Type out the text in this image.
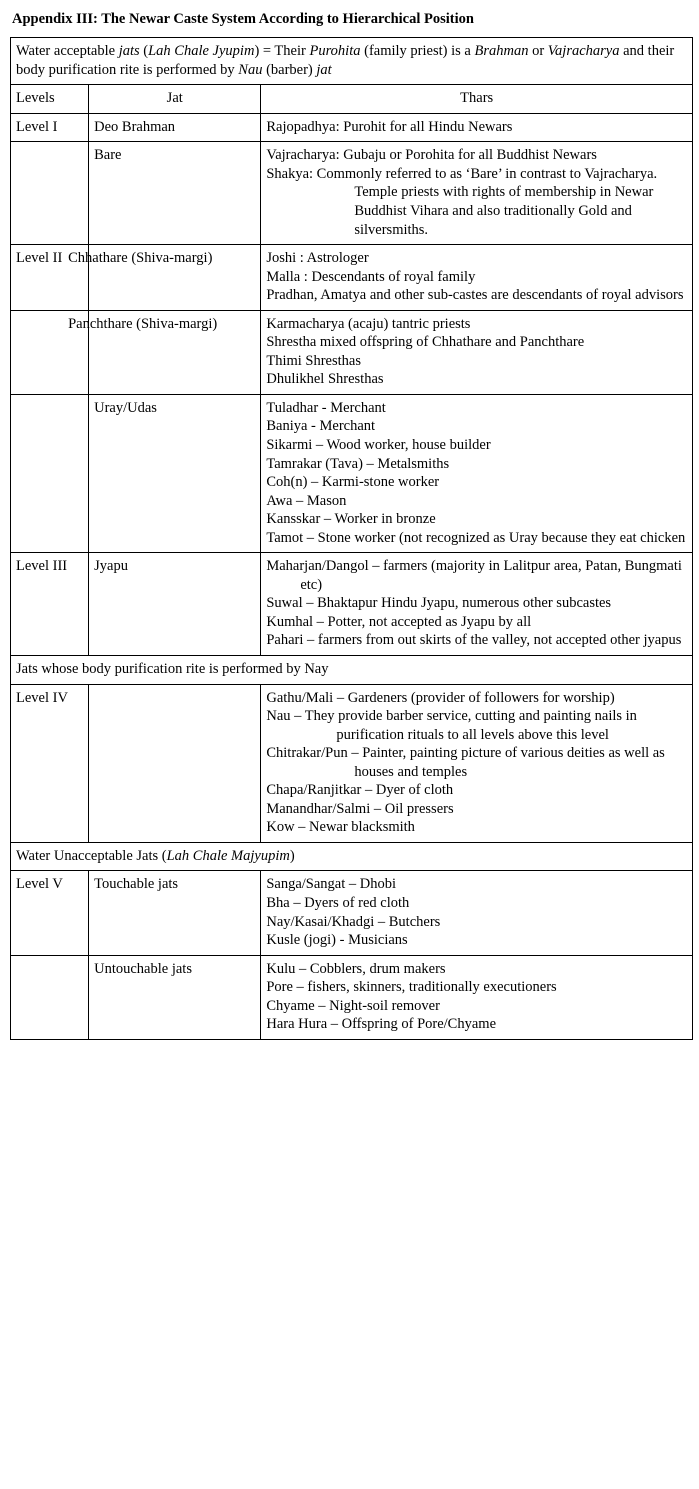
Appendix III: The Newar Caste System According to Hierarchical Position
Water acceptable jats (Lah Chale Jyupim) = Their Purohita (family priest) is a Brahman or Vajracharya and their body purification rite is performed by Nau (barber) jat		
Levels	Jat	Thars
Level I	Deo Brahman	Rajopadhya: Purohit for all Hindu Newars

	Bare	Vajracharya: Gubaju or Porohita for all Buddhist Newars
Shakya: Commonly referred to as ‘Bare’ in contrast to Vajracharya. Temple priests with rights of membership in Newar Buddhist Vihara and also traditionally Gold and silversmiths.

Level II	Chhathare (Shiva-margi)	Joshi : Astrologer
Malla : Descendants of royal family
Pradhan, Amatya and other sub-castes are descendants of royal advisors

	Panchthare (Shiva-margi)	Karmacharya (acaju) tantric priests
Shrestha mixed offspring of Chhathare and Panchthare
Thimi Shresthas
Dhulikhel Shresthas

	Uray/Udas	Tuladhar - Merchant
Baniya - Merchant
Sikarmi – Wood worker, house builder
Tamrakar (Tava) – Metalsmiths
Coh(n) – Karmi-stone worker
Awa – Mason
Kansskar – Worker in bronze
Tamot – Stone worker (not recognized as Uray because they eat chicken

Level III	Jyapu	Maharjan/Dangol – farmers (majority in Lalitpur area, Patan, Bungmati etc)
Suwal – Bhaktapur Hindu Jyapu, numerous other subcastes
Kumhal – Potter, not accepted as Jyapu by all
Pahari – farmers from out skirts of the valley, not accepted other jyapus

Jats whose body purification rite is performed by Nay		
Level IV		Gathu/Mali – Gardeners (provider of followers for worship)
Nau – They provide barber service, cutting and painting nails in purification rituals to all levels above this level
Chitrakar/Pun – Painter, painting picture of various deities as well as houses and temples
Chapa/Ranjitkar – Dyer of cloth
Manandhar/Salmi – Oil pressers
Kow – Newar blacksmith

Water Unacceptable Jats (Lah Chale Majyupim)		
Level V	Touchable jats	Sanga/Sangat – Dhobi
Bha – Dyers of red cloth
Nay/Kasai/Khadgi – Butchers
Kusle (jogi) - Musicians

	Untouchable jats	Kulu – Cobblers, drum makers
Pore – fishers, skinners, traditionally executioners
Chyame – Night-soil remover
Hara Hura – Offspring of Pore/Chyame
